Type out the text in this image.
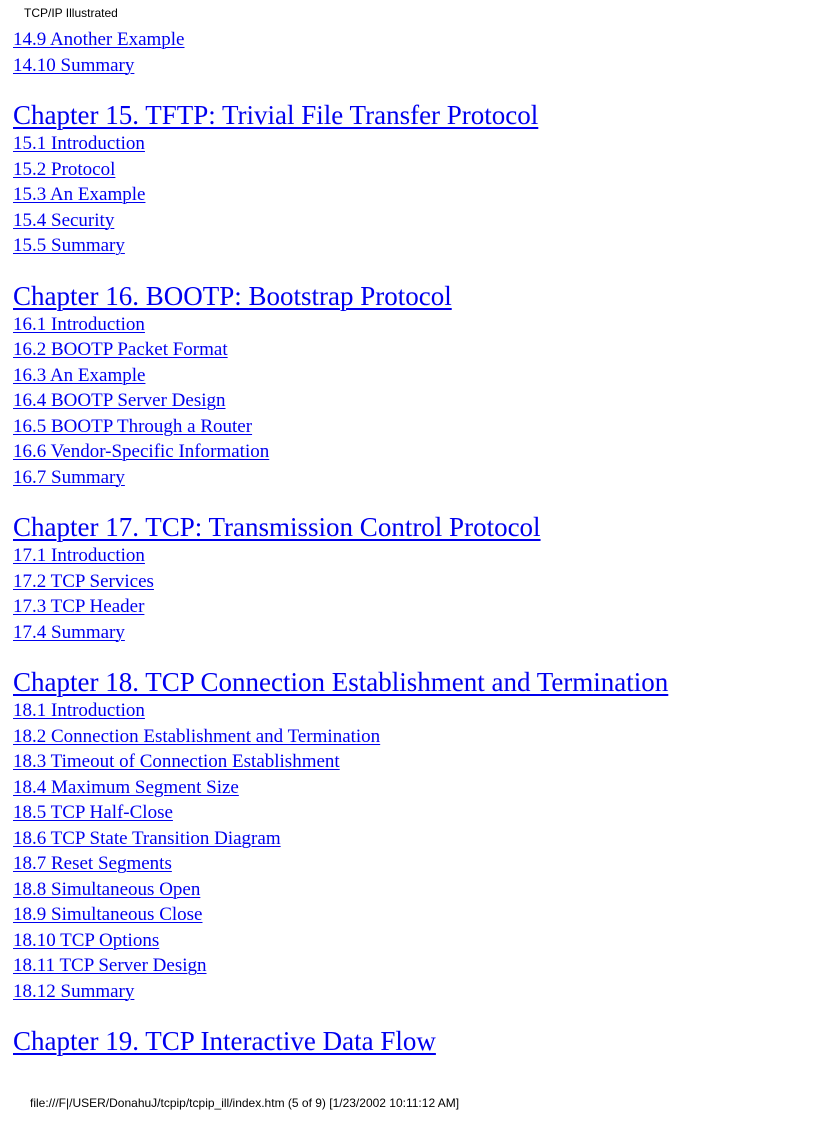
TCP/IP Illustrated
14.9 Another Example
14.10 Summary
Chapter 15. TFTP: Trivial File Transfer Protocol
15.1 Introduction
15.2 Protocol
15.3 An Example
15.4 Security
15.5 Summary
Chapter 16. BOOTP: Bootstrap Protocol
16.1 Introduction
16.2 BOOTP Packet Format
16.3 An Example
16.4 BOOTP Server Design
16.5 BOOTP Through a Router
16.6 Vendor-Specific Information
16.7 Summary
Chapter 17. TCP: Transmission Control Protocol
17.1 Introduction
17.2 TCP Services
17.3 TCP Header
17.4 Summary
Chapter 18. TCP Connection Establishment and Termination
18.1 Introduction
18.2 Connection Establishment and Termination
18.3 Timeout of Connection Establishment
18.4 Maximum Segment Size
18.5 TCP Half-Close
18.6 TCP State Transition Diagram
18.7 Reset Segments
18.8 Simultaneous Open
18.9 Simultaneous Close
18.10 TCP Options
18.11 TCP Server Design
18.12 Summary
Chapter 19. TCP Interactive Data Flow
file:///F|/USER/DonahuJ/tcpip/tcpip_ill/index.htm (5 of 9) [1/23/2002 10:11:12 AM]
